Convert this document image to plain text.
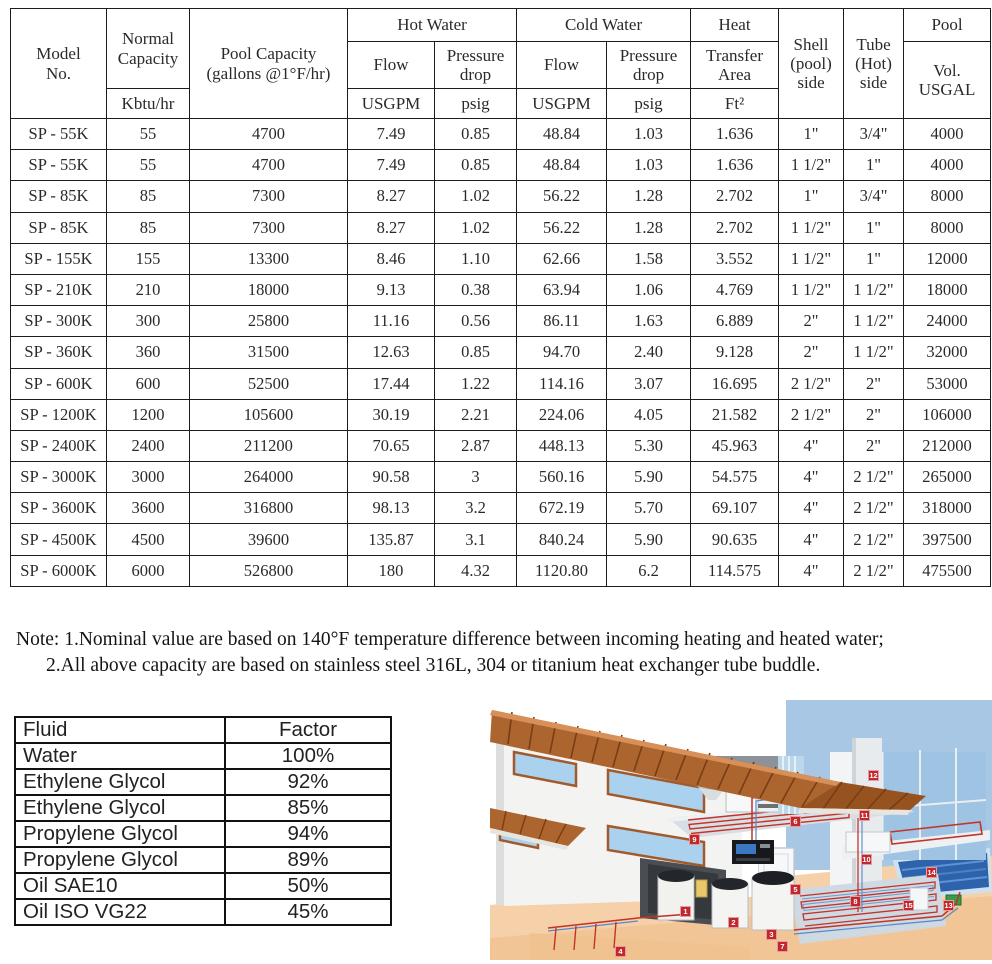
Model No.	Normal Capacity	Pool Capacity (gallons @1°F/hr)	Hot Water		Cold Water		Heat	Shell (pool) side	Tube (Hot) side	Pool
			Flow	Pressure drop	Flow	Pressure drop	Transfer Area			Vol. USGAL
	Kbtu/hr		USGPM	psig	USGPM	psig	Ft²			
SP - 55K	55	4700	7.49	0.85	48.84	1.03	1.636	1"	3/4"	4000
SP - 55K	55	4700	7.49	0.85	48.84	1.03	1.636	1 1/2"	1"	4000
SP - 85K	85	7300	8.27	1.02	56.22	1.28	2.702	1"	3/4"	8000
SP - 85K	85	7300	8.27	1.02	56.22	1.28	2.702	1 1/2"	1"	8000
SP - 155K	155	13300	8.46	1.10	62.66	1.58	3.552	1 1/2"	1"	12000
SP - 210K	210	18000	9.13	0.38	63.94	1.06	4.769	1 1/2"	1 1/2"	18000
SP - 300K	300	25800	11.16	0.56	86.11	1.63	6.889	2"	1 1/2"	24000
SP - 360K	360	31500	12.63	0.85	94.70	2.40	9.128	2"	1 1/2"	32000
SP - 600K	600	52500	17.44	1.22	114.16	3.07	16.695	2 1/2"	2"	53000
SP - 1200K	1200	105600	30.19	2.21	224.06	4.05	21.582	2 1/2"	2"	106000
SP - 2400K	2400	211200	70.65	2.87	448.13	5.30	45.963	4"	2"	212000
SP - 3000K	3000	264000	90.58	3	560.16	5.90	54.575	4"	2 1/2"	265000
SP - 3600K	3600	316800	98.13	3.2	672.19	5.70	69.107	4"	2 1/2"	318000
SP - 4500K	4500	39600	135.87	3.1	840.24	5.90	90.635	4"	2 1/2"	397500
SP - 6000K	6000	526800	180	4.32	1120.80	6.2	114.575	4"	2 1/2"	475500
Note: 1.Nominal value are based on 140°F temperature difference between incoming heating and heated water;
2.All above capacity are based on stainless steel 316L, 304 or titanium heat exchanger tube buddle.
Fluid	Factor
Water	100%
Ethylene Glycol	92%
Ethylene Glycol	85%
Propylene Glycol	94%
Propylene Glycol	89%
Oil SAE10	50%
Oil ISO VG22	45%	1
2
3
4
5
6
7
8
9
10
11
12
13
14
15
